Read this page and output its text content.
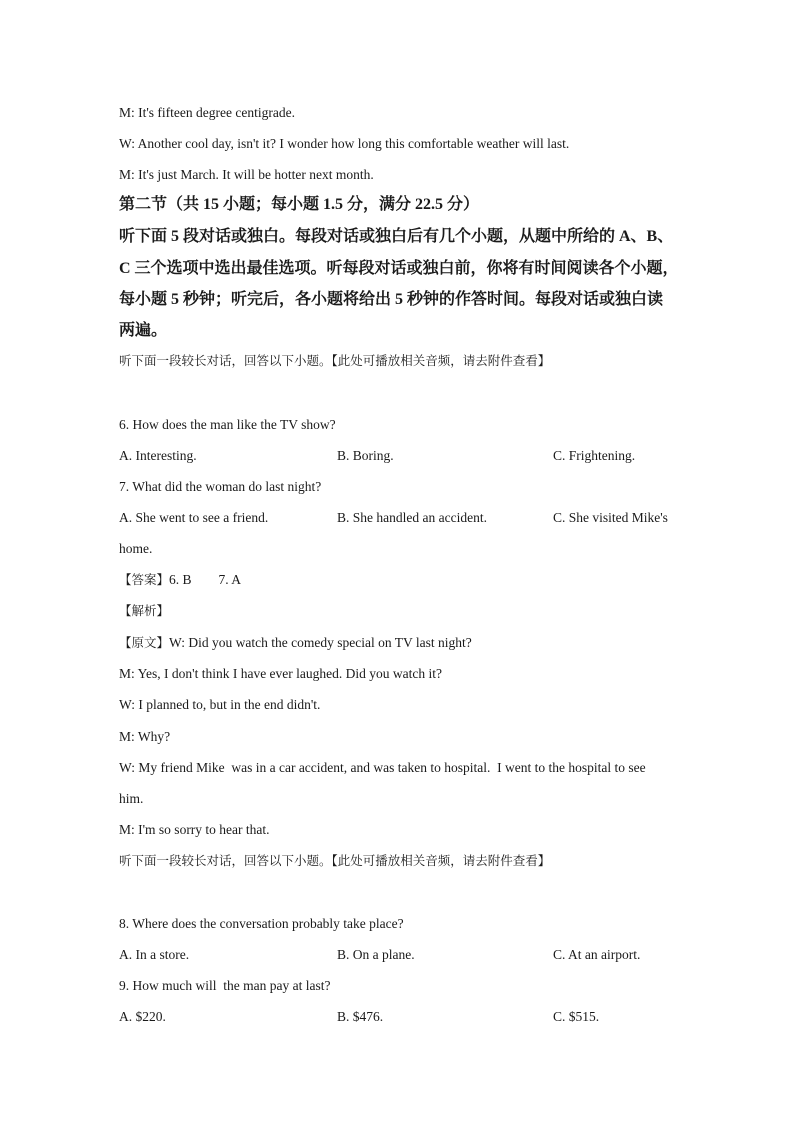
M: It's fifteen degree centigrade.
W: Another cool day, isn't it? I wonder how long this comfortable weather will last.
M: It's just March. It will be hotter next month.
第二节（共 15 小题；每小题 1.5 分，满分 22.5 分）
听下面 5 段对话或独白。每段对话或独白后有几个小题，从题中所给的 A、B、
C 三个选项中选出最佳选项。听每段对话或独白前，你将有时间阅读各个小题，
每小题 5 秒钟；听完后，各小题将给出 5 秒钟的作答时间。每段对话或独白读
两遍。
听下面一段较长对话，回答以下小题。【此处可播放相关音频，请去附件查看】
6. How does the man like the TV show?
A. Interesting.	B. Boring.	C. Frightening.
7. What did the woman do last night?
A. She went to see a friend.	B. She handled an accident.	C. She visited Mike's
home.
【答案】6. B        7. A
【解析】
【原文】W: Did you watch the comedy special on TV last night?
M: Yes, I don't think I have ever laughed. Did you watch it?
W: I planned to, but in the end didn't.
M: Why?
W: My friend Mike  was in a car accident, and was taken to hospital.  I went to the hospital to see
him.
M: I'm so sorry to hear that.
听下面一段较长对话，回答以下小题。【此处可播放相关音频，请去附件查看】
8. Where does the conversation probably take place?
A. In a store.	B. On a plane.	C. At an airport.
9. How much will  the man pay at last?
A. $220.	B. $476.	C. $515.
